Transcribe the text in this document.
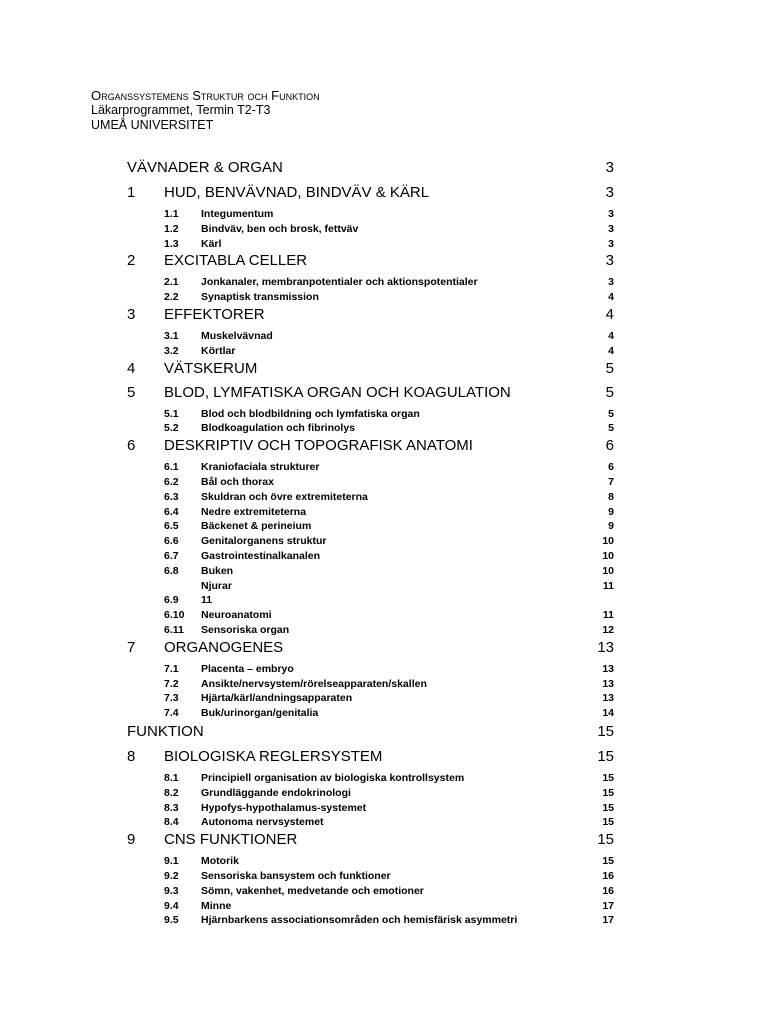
Organssystemens Struktur och Funktion
Läkarprogrammet, Termin T2-T3
UMEÅ UNIVERSITET
VÄVNADER & ORGAN	3
1	HUD, BENVÄVNAD, BINDVÄV & KÄRL	3
1.1	Integumentum	3
1.2	Bindväv, ben och brosk, fettväv	3
1.3	Kärl	3
2	EXCITABLA CELLER	3
2.1	Jonkanaler, membranpotentialer och aktionspotentialer	3
2.2	Synaptisk transmission	4
3	EFFEKTORER	4
3.1	Muskelvävnad	4
3.2	Körtlar	4
4	VÄTSKERUM	5
5	BLOD, LYMFATISKA ORGAN OCH KOAGULATION	5
5.1	Blod och blodbildning och lymfatiska organ	5
5.2	Blodkoagulation och fibrinolys	5
6	DESKRIPTIV OCH TOPOGRAFISK ANATOMI	6
6.1	Kraniofaciala strukturer	6
6.2	Bål och thorax	7
6.3	Skuldran och övre extremiteterna	8
6.4	Nedre extremiteterna	9
6.5	Bäckenet & perineium	9
6.6	Genitalorganens struktur	10
6.7	Gastrointestinalkanalen	10
6.8	Buken	10
Njurar	11
6.9	11
6.10	Neuroanatomi	11
6.11	Sensoriska organ	12
7	ORGANOGENES	13
7.1	Placenta – embryo	13
7.2	Ansikte/nervsystem/rörelseapparaten/skallen	13
7.3	Hjärta/kärl/andningsapparaten	13
7.4	Buk/urinorgan/genitalia	14
FUNKTION	15
8	BIOLOGISKA REGLERSYSTEM	15
8.1	Principiell organisation av biologiska kontrollsystem	15
8.2	Grundläggande endokrinologi	15
8.3	Hypofys-hypothalamus-systemet	15
8.4	Autonoma nervsystemet	15
9	CNS FUNKTIONER	15
9.1	Motorik	15
9.2	Sensoriska bansystem och funktioner	16
9.3	Sömn, vakenhet, medvetande och emotioner	16
9.4	Minne	17
9.5	Hjärnbarkens associationsområden och hemisfärisk asymmetri	17
